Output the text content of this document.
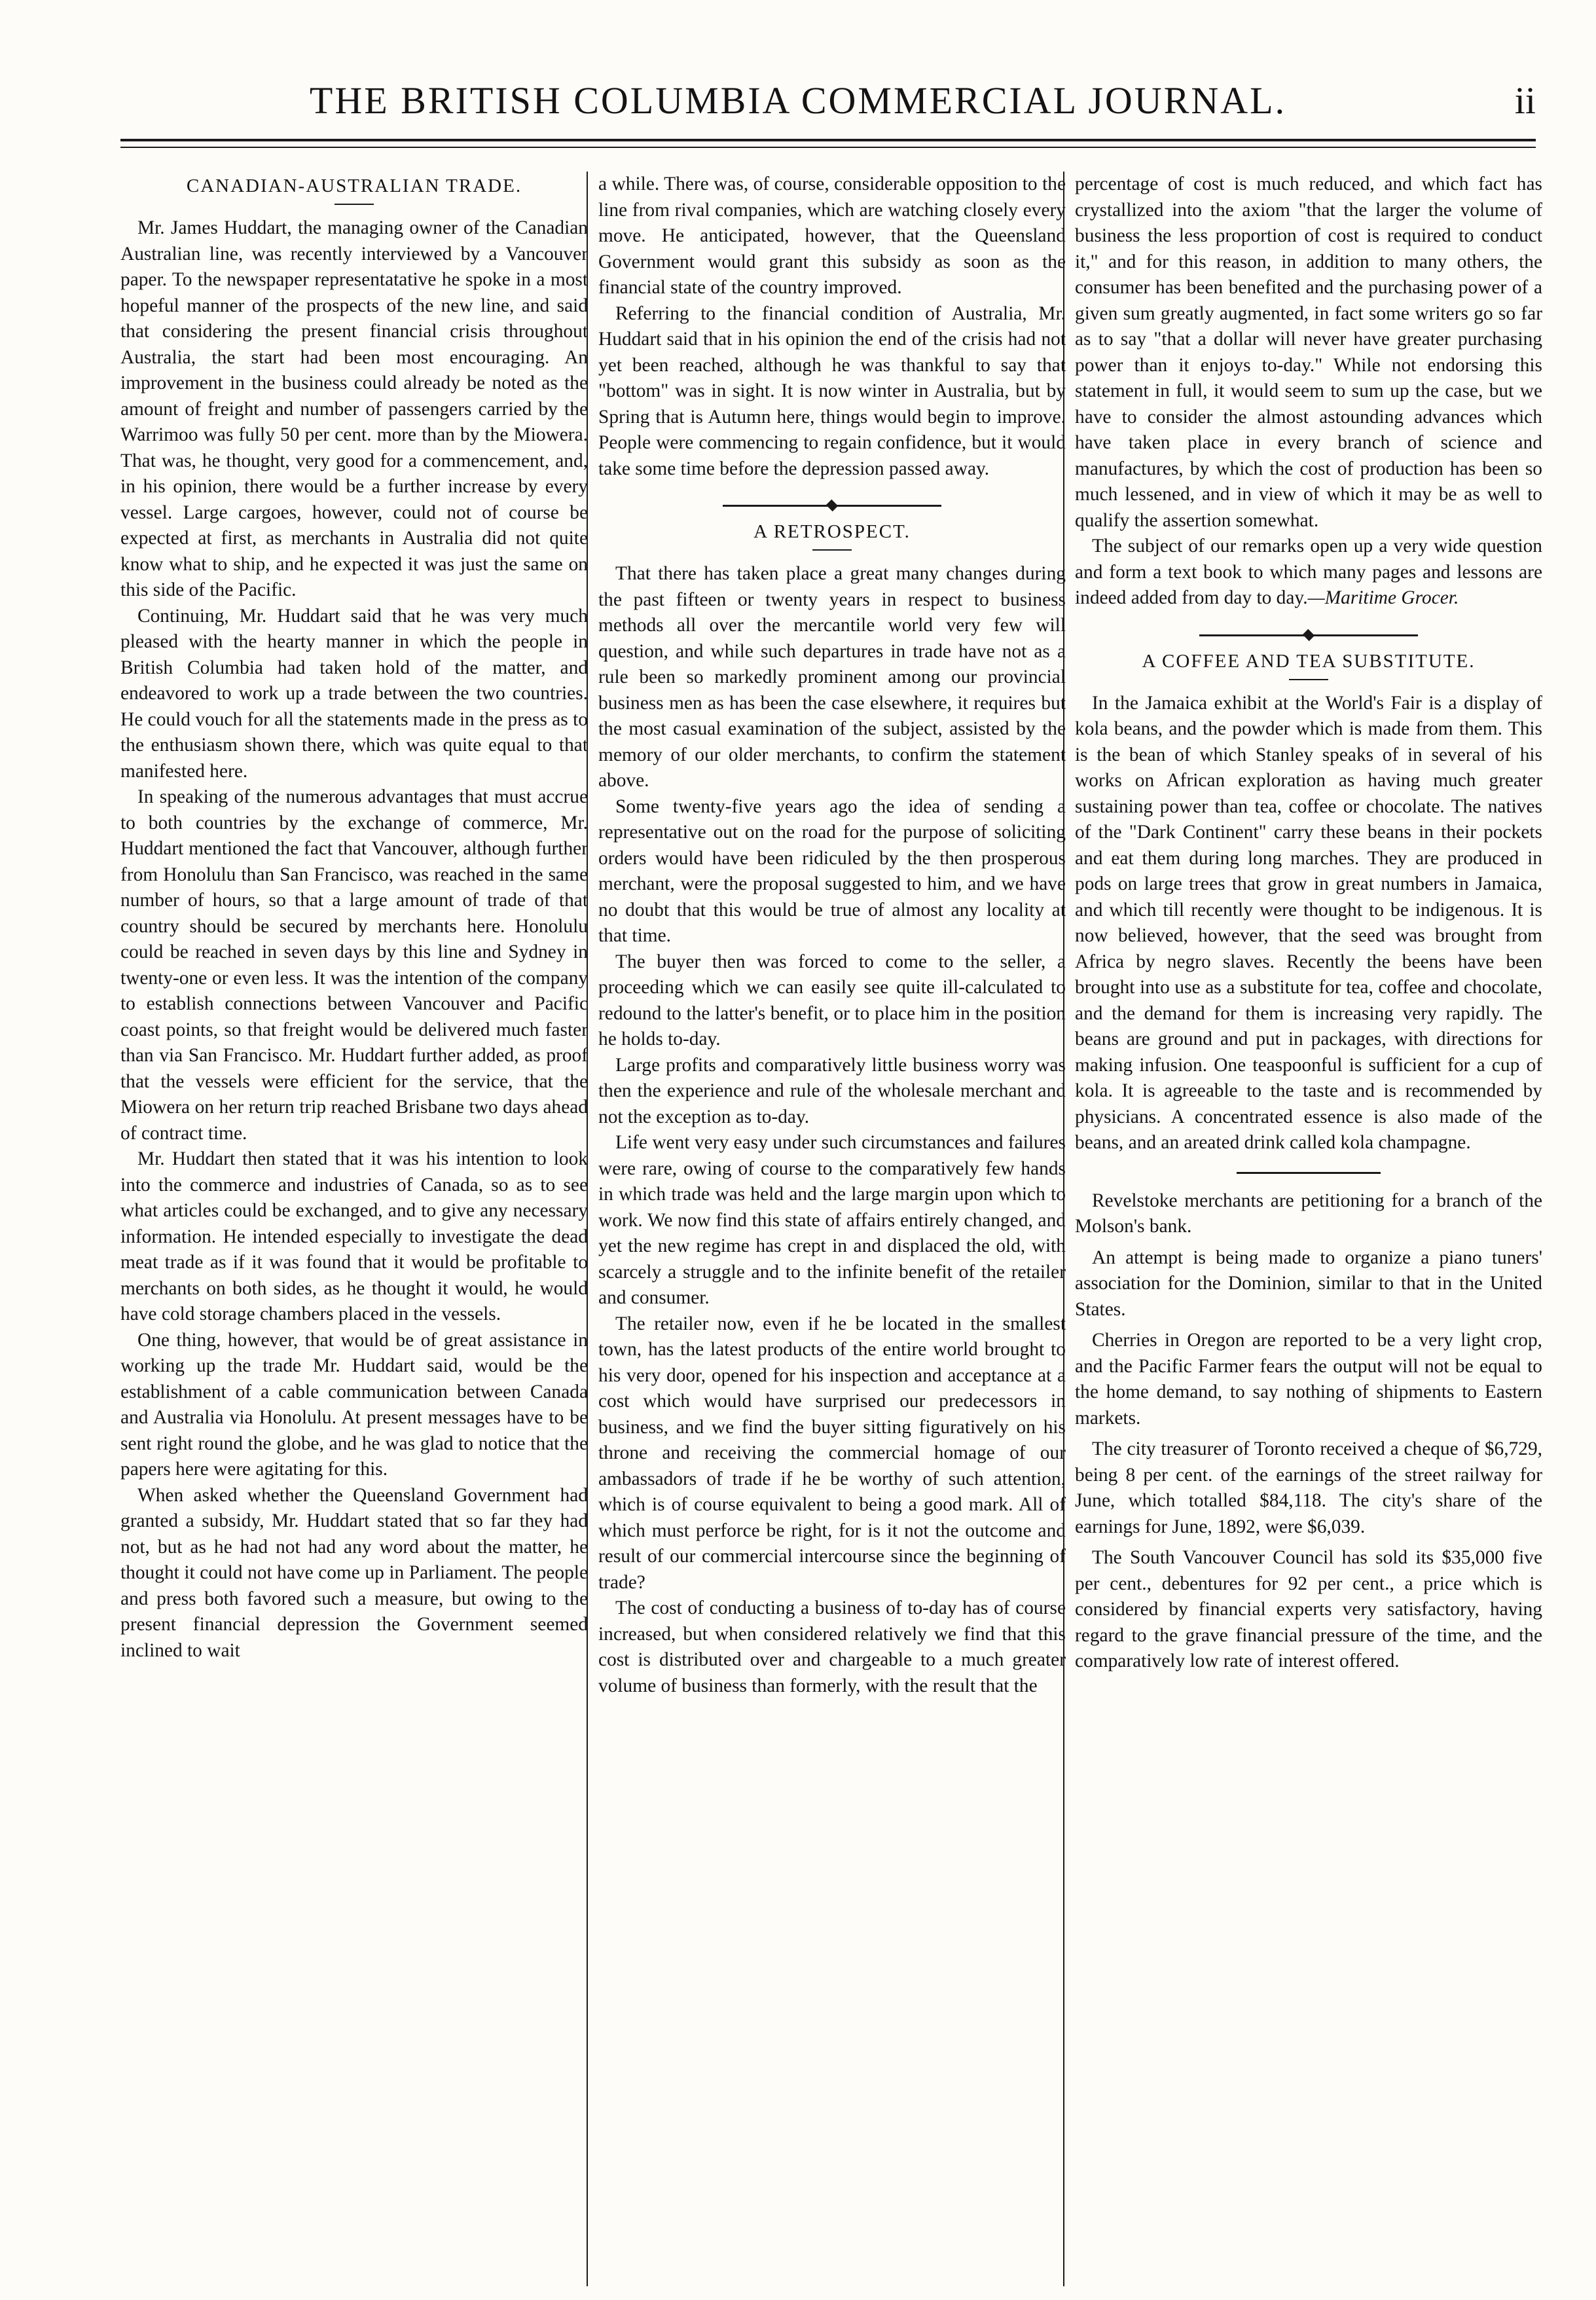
THE BRITISH COLUMBIA COMMERCIAL JOURNAL.	ii
CANADIAN-AUSTRALIAN TRADE.

Mr. James Huddart, the managing owner of the Canadian Australian line, was recently interviewed by a Vancouver paper. To the newspaper representatative he spoke in a most hopeful manner of the prospects of the new line, and said that considering the present financial crisis throughout Australia, the start had been most encouraging. An improvement in the business could already be noted as the amount of freight and number of passengers carried by the Warrimoo was fully 50 per cent. more than by the Miowera. That was, he thought, very good for a commencement, and, in his opinion, there would be a further increase by every vessel. Large cargoes, however, could not of course be expected at first, as merchants in Australia did not quite know what to ship, and he expected it was just the same on this side of the Pacific.

Continuing, Mr. Huddart said that he was very much pleased with the hearty manner in which the people in British Columbia had taken hold of the matter, and endeavored to work up a trade between the two countries. He could vouch for all the statements made in the press as to the enthusiasm shown there, which was quite equal to that manifested here.

In speaking of the numerous advantages that must accrue to both countries by the exchange of commerce, Mr. Huddart mentioned the fact that Vancouver, although further from Honolulu than San Francisco, was reached in the same number of hours, so that a large amount of trade of that country should be secured by merchants here. Honolulu could be reached in seven days by this line and Sydney in twenty-one or even less. It was the intention of the company to establish connections between Vancouver and Pacific coast points, so that freight would be delivered much faster than via San Francisco. Mr. Huddart further added, as proof that the vessels were efficient for the service, that the Miowera on her return trip reached Brisbane two days ahead of contract time.

Mr. Huddart then stated that it was his intention to look into the commerce and industries of Canada, so as to see what articles could be exchanged, and to give any necessary information. He intended especially to investigate the dead meat trade as if it was found that it would be profitable to merchants on both sides, as he thought it would, he would have cold storage chambers placed in the vessels.

One thing, however, that would be of great assistance in working up the trade Mr. Huddart said, would be the establishment of a cable communication between Canada and Australia via Honolulu. At present messages have to be sent right round the globe, and he was glad to notice that the papers here were agitating for this.

When asked whether the Queensland Government had granted a subsidy, Mr. Huddart stated that so far they had not, but as he had not had any word about the matter, he thought it could not have come up in Parliament. The people and press both favored such a measure, but owing to the present financial depression the Government seemed inclined to wait

a while. There was, of course, considerable opposition to the line from rival companies, which are watching closely every move. He anticipated, however, that the Queensland Government would grant this subsidy as soon as the financial state of the country improved.

Referring to the financial condition of Australia, Mr. Huddart said that in his opinion the end of the crisis had not yet been reached, although he was thankful to say that "bottom" was in sight. It is now winter in Australia, but by Spring that is Autumn here, things would begin to improve. People were commencing to regain confidence, but it would take some time before the depression passed away.

A RETROSPECT.

That there has taken place a great many changes during the past fifteen or twenty years in respect to business methods all over the mercantile world very few will question, and while such departures in trade have not as a rule been so markedly prominent among our provincial business men as has been the case elsewhere, it requires but the most casual examination of the subject, assisted by the memory of our older merchants, to confirm the statement above.

Some twenty-five years ago the idea of sending a representative out on the road for the purpose of soliciting orders would have been ridiculed by the then prosperous merchant, were the proposal suggested to him, and we have no doubt that this would be true of almost any locality at that time.

The buyer then was forced to come to the seller, a proceeding which we can easily see quite ill-calculated to redound to the latter's benefit, or to place him in the position he holds to-day.

Large profits and comparatively little business worry was then the experience and rule of the wholesale merchant and not the exception as to-day.

Life went very easy under such circumstances and failures were rare, owing of course to the comparatively few hands in which trade was held and the large margin upon which to work. We now find this state of affairs entirely changed, and yet the new regime has crept in and displaced the old, with scarcely a struggle and to the infinite benefit of the retailer and consumer.

The retailer now, even if he be located in the smallest town, has the latest products of the entire world brought to his very door, opened for his inspection and acceptance at a cost which would have surprised our predecessors in business, and we find the buyer sitting figuratively on his throne and receiving the commercial homage of our ambassadors of trade if he be worthy of such attention, which is of course equivalent to being a good mark. All of which must perforce be right, for is it not the outcome and result of our commercial intercourse since the beginning of trade?

The cost of conducting a business of to-day has of course increased, but when considered relatively we find that this cost is distributed over and chargeable to a much greater volume of business than formerly, with the result that the

percentage of cost is much reduced, and which fact has crystallized into the axiom "that the larger the volume of business the less proportion of cost is required to conduct it," and for this reason, in addition to many others, the consumer has been benefited and the purchasing power of a given sum greatly augmented, in fact some writers go so far as to say "that a dollar will never have greater purchasing power than it enjoys to-day." While not endorsing this statement in full, it would seem to sum up the case, but we have to consider the almost astounding advances which have taken place in every branch of science and manufactures, by which the cost of production has been so much lessened, and in view of which it may be as well to qualify the assertion somewhat.

The subject of our remarks open up a very wide question and form a text book to which many pages and lessons are indeed added from day to day.—Maritime Grocer.

A COFFEE AND TEA SUBSTITUTE.

In the Jamaica exhibit at the World's Fair is a display of kola beans, and the powder which is made from them. This is the bean of which Stanley speaks of in several of his works on African exploration as having much greater sustaining power than tea, coffee or chocolate. The natives of the "Dark Continent" carry these beans in their pockets and eat them during long marches. They are produced in pods on large trees that grow in great numbers in Jamaica, and which till recently were thought to be indigenous. It is now believed, however, that the seed was brought from Africa by negro slaves. Recently the beens have been brought into use as a substitute for tea, coffee and chocolate, and the demand for them is increasing very rapidly. The beans are ground and put in packages, with directions for making infusion. One teaspoonful is sufficient for a cup of kola. It is agreeable to the taste and is recommended by physicians. A concentrated essence is also made of the beans, and an areated drink called kola champagne.

Revelstoke merchants are petitioning for a branch of the Molson's bank.

An attempt is being made to organize a piano tuners' association for the Dominion, similar to that in the United States.

Cherries in Oregon are reported to be a very light crop, and the Pacific Farmer fears the output will not be equal to the home demand, to say nothing of shipments to Eastern markets.

The city treasurer of Toronto received a cheque of $6,729, being 8 per cent. of the earnings of the street railway for June, which totalled $84,118. The city's share of the earnings for June, 1892, were $6,039.

The South Vancouver Council has sold its $35,000 five per cent., debentures for 92 per cent., a price which is considered by financial experts very satisfactory, having regard to the grave financial pressure of the time, and the comparatively low rate of interest offered.
